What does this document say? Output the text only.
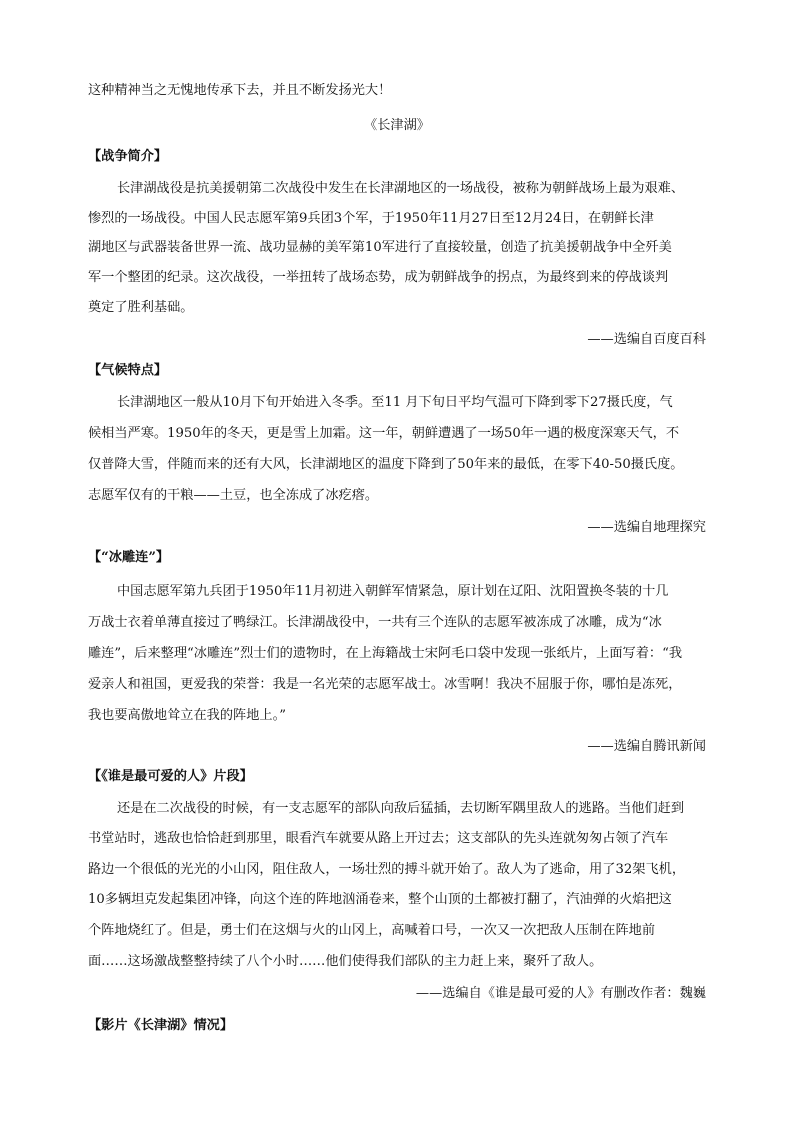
这种精神当之无愧地传承下去，并且不断发扬光大！
《长津湖》
【战争简介】
长津湖战役是抗美援朝第二次战役中发生在长津湖地区的一场战役，被称为朝鲜战场上最为艰难、
惨烈的一场战役。中国人民志愿军第9兵团3个军，于1950年11月27日至12月24日，在朝鲜长津
湖地区与武器装备世界一流、战功显赫的美军第10军进行了直接较量，创造了抗美援朝战争中全歼美
军一个整团的纪录。这次战役，一举扭转了战场态势，成为朝鲜战争的拐点，为最终到来的停战谈判
奠定了胜利基础。
——选编自百度百科
【气候特点】
长津湖地区一般从10月下旬开始进入冬季。至11 月下旬日平均气温可下降到零下27摄氏度，气
候相当严寒。1950年的冬天，更是雪上加霜。这一年，朝鲜遭遇了一场50年一遇的极度深寒天气，不
仅普降大雪，伴随而来的还有大风，长津湖地区的温度下降到了50年来的最低，在零下40-50摄氏度。
志愿军仅有的干粮——土豆，也全冻成了冰疙瘩。
——选编自地理探究
【“冰雕连”】
中国志愿军第九兵团于1950年11月初进入朝鲜军情紧急，原计划在辽阳、沈阳置换冬装的十几
万战士衣着单薄直接过了鸭绿江。长津湖战役中，一共有三个连队的志愿军被冻成了冰雕，成为“冰
雕连”，后来整理“冰雕连”烈士们的遗物时，在上海籍战士宋阿毛口袋中发现一张纸片，上面写着：“我
爱亲人和祖国，更爱我的荣誉：我是一名光荣的志愿军战士。冰雪啊！我决不屈服于你，哪怕是冻死，
我也要高傲地耸立在我的阵地上。”
——选编自腾讯新闻
【《谁是最可爱的人》片段】
还是在二次战役的时候，有一支志愿军的部队向敌后猛插，去切断军隅里敌人的逃路。当他们赶到
书堂站时，逃敌也恰恰赶到那里，眼看汽车就要从路上开过去；这支部队的先头连就匆匆占领了汽车
路边一个很低的光光的小山冈，阻住敌人，一场壮烈的搏斗就开始了。敌人为了逃命，用了32架飞机，
10多辆坦克发起集团冲锋，向这个连的阵地汹涌卷来，整个山顶的土都被打翻了，汽油弹的火焰把这
个阵地烧红了。但是，勇士们在这烟与火的山冈上，高喊着口号，一次又一次把敌人压制在阵地前
面……这场激战整整持续了八个小时……他们使得我们部队的主力赶上来，聚歼了敌人。
——选编自《谁是最可爱的人》有删改作者：魏巍
【影片《长津湖》情况】
